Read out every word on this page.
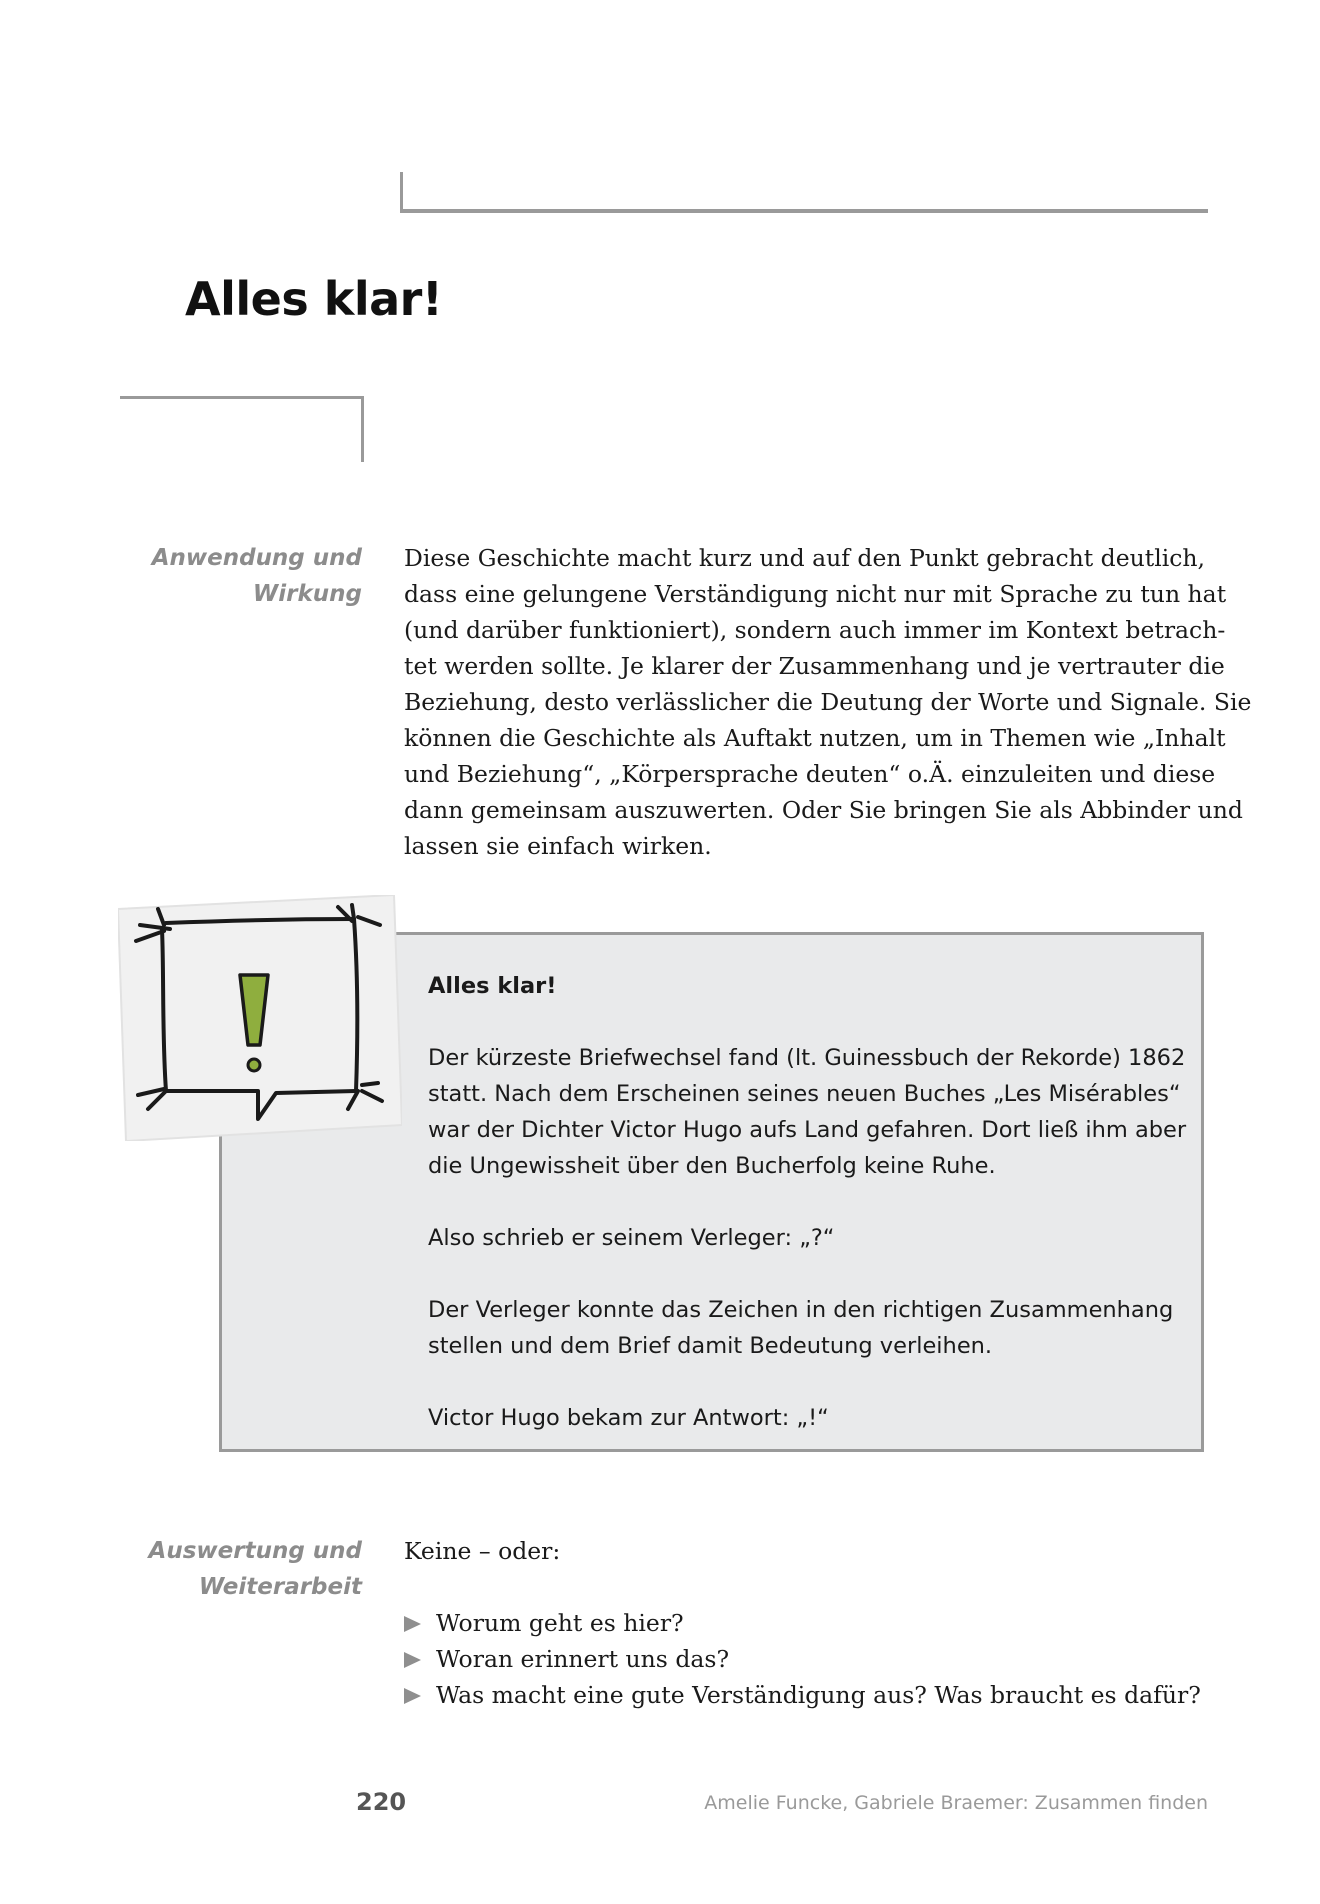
Alles klar!
Anwendung und
Wirkung
Diese Geschichte macht kurz und auf den Punkt gebracht deutlich,
dass eine gelungene Verständigung nicht nur mit Sprache zu tun hat
(und darüber funktioniert), sondern auch immer im Kontext betrach-
tet werden sollte. Je klarer der Zusammenhang und je vertrauter die
Beziehung, desto verlässlicher die Deutung der Worte und Signale. Sie
können die Geschichte als Auftakt nutzen, um in Themen wie „Inhalt
und Beziehung“, „Körpersprache deuten“ o.Ä. einzuleiten und diese
dann gemeinsam auszuwerten. Oder Sie bringen Sie als Abbinder und
lassen sie einfach wirken.
Alles klar!
Der kürzeste Briefwechsel fand (lt. Guinessbuch der Rekorde) 1862
statt. Nach dem Erscheinen seines neuen Buches „Les Misérables“
war der Dichter Victor Hugo aufs Land gefahren. Dort ließ ihm aber
die Ungewissheit über den Bucherfolg keine Ruhe.
Also schrieb er seinem Verleger: „?“
Der Verleger konnte das Zeichen in den richtigen Zusammenhang
stellen und dem Brief damit Bedeutung verleihen.
Victor Hugo bekam zur Antwort: „!“
Auswertung und
Weiterarbeit
Keine – oder:

Worum geht es hier?
Woran erinnert uns das?
Was macht eine gute Verständigung aus? Was braucht es dafür?
220	Amelie Funcke, Gabriele Braemer: Zusammen finden
